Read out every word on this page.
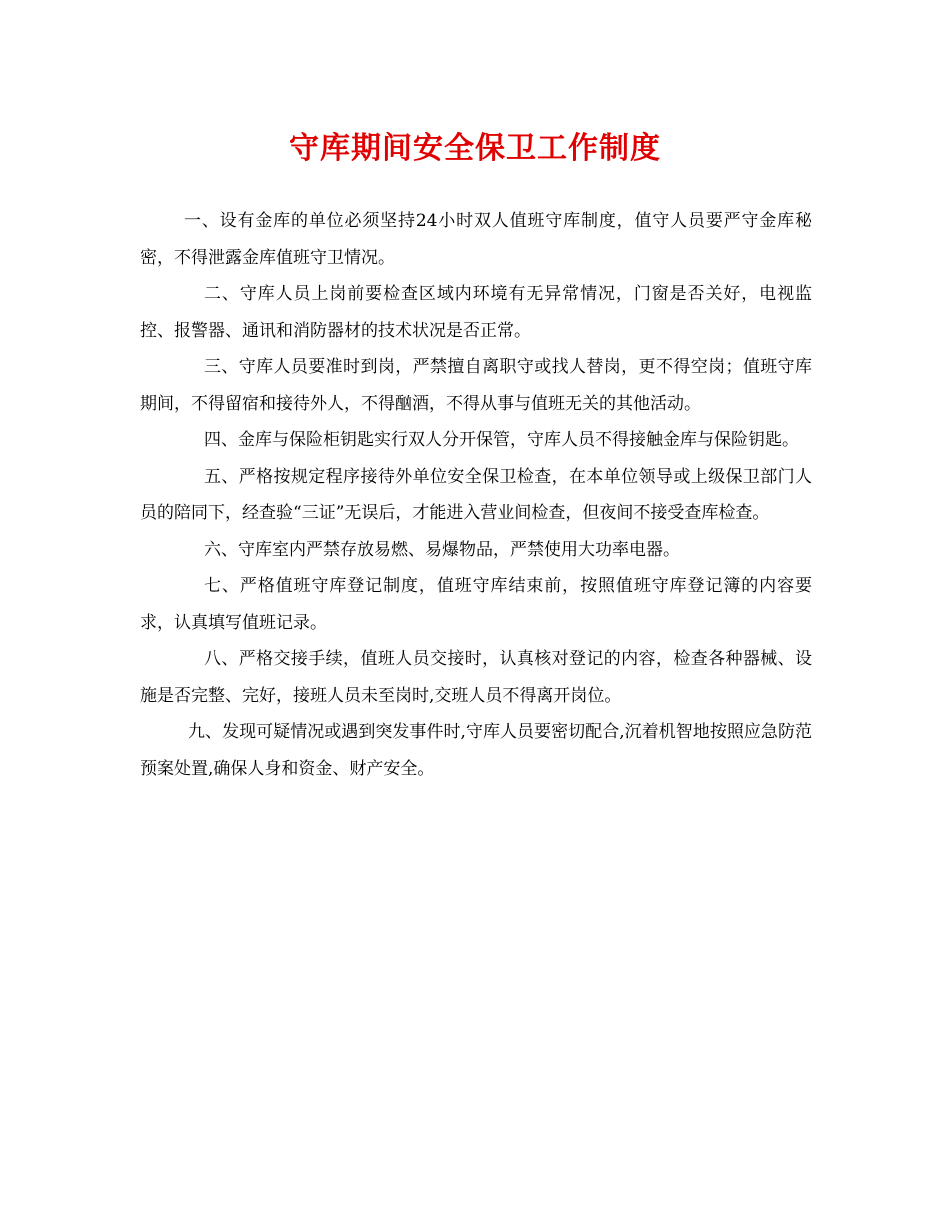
守库期间安全保卫工作制度

一、设有金库的单位必须坚持24小时双人值班守库制度，值守人员要严守金库秘密，不得泄露金库值班守卫情况。

二、守库人员上岗前要检查区域内环境有无异常情况，门窗是否关好，电视监控、报警器、通讯和消防器材的技术状况是否正常。

三、守库人员要准时到岗，严禁擅自离职守或找人替岗，更不得空岗；值班守库期间，不得留宿和接待外人，不得酗酒，不得从事与值班无关的其他活动。

四、金库与保险柜钥匙实行双人分开保管，守库人员不得接触金库与保险钥匙。

五、严格按规定程序接待外单位安全保卫检查，在本单位领导或上级保卫部门人员的陪同下，经查验“三证”无误后，才能进入营业间检查，但夜间不接受查库检查。

六、守库室内严禁存放易燃、易爆物品，严禁使用大功率电器。

七、严格值班守库登记制度，值班守库结束前，按照值班守库登记簿的内容要求，认真填写值班记录。

八、严格交接手续，值班人员交接时，认真核对登记的内容，检查各种器械、设施是否完整、完好，接班人员未至岗时,交班人员不得离开岗位。

九、发现可疑情况或遇到突发事件时,守库人员要密切配合,沉着机智地按照应急防范预案处置,确保人身和资金、财产安全。
